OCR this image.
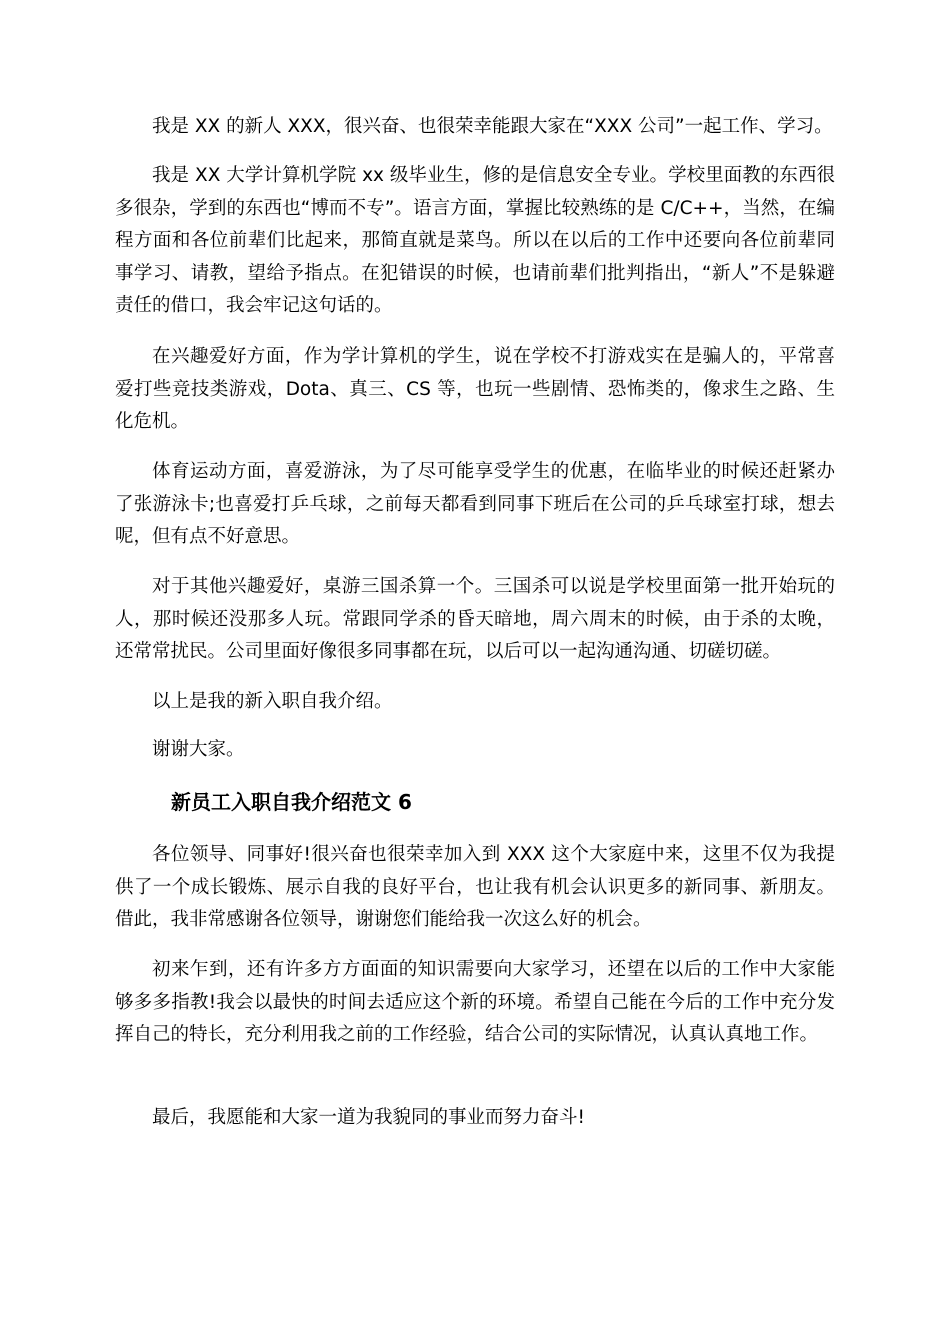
我是 XX 的新人 XXX，很兴奋、也很荣幸能跟大家在“XXX 公司”一起工作、学习。

我是 XX 大学计算机学院 xx 级毕业生，修的是信息安全专业。学校里面教的东西很多很杂，学到的东西也“博而不专”。语言方面，掌握比较熟练的是 C/C++，当然，在编程方面和各位前辈们比起来，那简直就是菜鸟。所以在以后的工作中还要向各位前辈同事学习、请教，望给予指点。在犯错误的时候，也请前辈们批判指出，“新人”不是躲避责任的借口，我会牢记这句话的。

在兴趣爱好方面，作为学计算机的学生，说在学校不打游戏实在是骗人的，平常喜爱打些竞技类游戏，Dota、真三、CS 等，也玩一些剧情、恐怖类的，像求生之路、生化危机。

体育运动方面，喜爱游泳，为了尽可能享受学生的优惠，在临毕业的时候还赶紧办了张游泳卡;也喜爱打乒乓球，之前每天都看到同事下班后在公司的乒乓球室打球，想去呢，但有点不好意思。

对于其他兴趣爱好，桌游三国杀算一个。三国杀可以说是学校里面第一批开始玩的人，那时候还没那多人玩。常跟同学杀的昏天暗地，周六周末的时候，由于杀的太晚，还常常扰民。公司里面好像很多同事都在玩，以后可以一起沟通沟通、切磋切磋。

以上是我的新入职自我介绍。

谢谢大家。

新员工入职自我介绍范文 6

各位领导、同事好!很兴奋也很荣幸加入到 XXX 这个大家庭中来，这里不仅为我提供了一个成长锻炼、展示自我的良好平台，也让我有机会认识更多的新同事、新朋友。借此，我非常感谢各位领导，谢谢您们能给我一次这么好的机会。

初来乍到，还有许多方方面面的知识需要向大家学习，还望在以后的工作中大家能够多多指教!我会以最快的时间去适应这个新的环境。希望自己能在今后的工作中充分发挥自己的特长，充分利用我之前的工作经验，结合公司的实际情况，认真认真地工作。

最后，我愿能和大家一道为我貌同的事业而努力奋斗!
